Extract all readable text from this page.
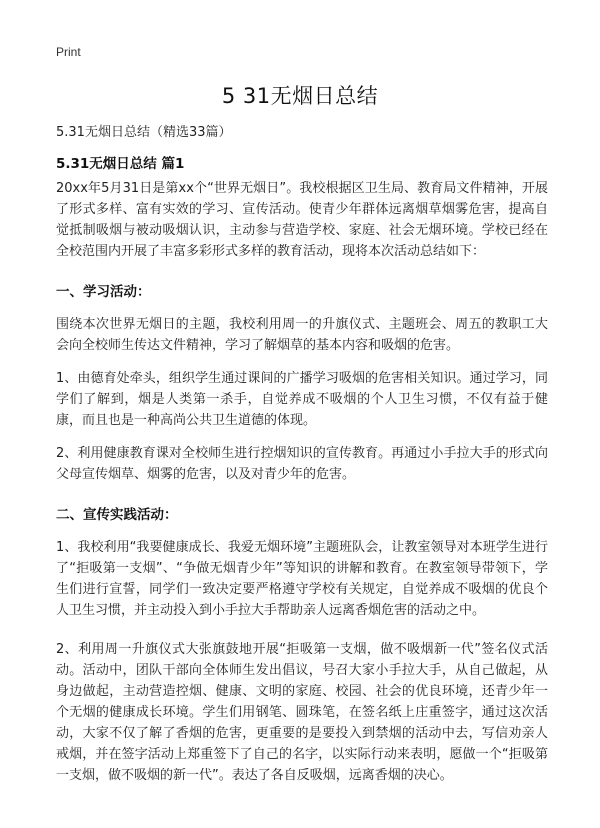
Print
5 31无烟日总结
5.31无烟日总结（精选33篇）
5.31无烟日总结 篇1

20xx年5月31日是第xx个“世界无烟日”。我校根据区卫生局、教育局文件精神，开展了形式多样、富有实效的学习、宣传活动。使青少年群体远离烟草烟雾危害，提高自觉抵制吸烟与被动吸烟认识，主动参与营造学校、家庭、社会无烟环境。学校已经在全校范围内开展了丰富多彩形式多样的教育活动，现将本次活动总结如下：

一、学习活动：

围绕本次世界无烟日的主题，我校利用周一的升旗仪式、主题班会、周五的教职工大会向全校师生传达文件精神，学习了解烟草的基本内容和吸烟的危害。

1、由德育处牵头，组织学生通过课间的广播学习吸烟的危害相关知识。通过学习，同学们了解到，烟是人类第一杀手，自觉养成不吸烟的个人卫生习惯，不仅有益于健康，而且也是一种高尚公共卫生道德的体现。

2、利用健康教育课对全校师生进行控烟知识的宣传教育。再通过小手拉大手的形式向父母宣传烟草、烟雾的危害，以及对青少年的危害。

二、宣传实践活动：

1、我校利用“我要健康成长、我爱无烟环境”主题班队会，让教室领导对本班学生进行了“拒吸第一支烟”、“争做无烟青少年”等知识的讲解和教育。在教室领导带领下，学生们进行宣誓，同学们一致决定要严格遵守学校有关规定，自觉养成不吸烟的优良个人卫生习惯，并主动投入到小手拉大手帮助亲人远离香烟危害的活动之中。

2、利用周一升旗仪式大张旗鼓地开展“拒吸第一支烟，做不吸烟新一代”签名仪式活动。活动中，团队干部向全体师生发出倡议，号召大家小手拉大手，从自己做起，从身边做起，主动营造控烟、健康、文明的家庭、校园、社会的优良环境，还青少年一个无烟的健康成长环境。学生们用钢笔、圆珠笔，在签名纸上庄重签字，通过这次活动，大家不仅了解了香烟的危害，更重要的是要投入到禁烟的活动中去，写信劝亲人戒烟，并在签字活动上郑重签下了自己的名字，以实际行动来表明，愿做一个“拒吸第一支烟，做不吸烟的新一代”。表达了各自反吸烟，远离香烟的决心。
